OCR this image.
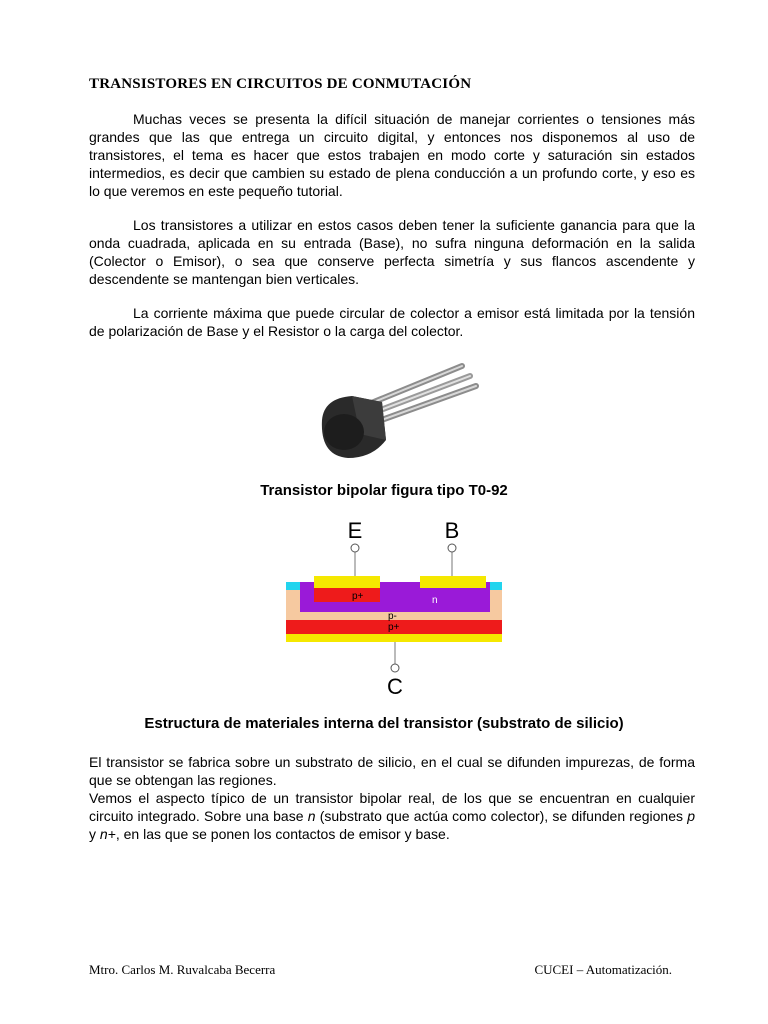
TRANSISTORES EN CIRCUITOS DE CONMUTACIÓN
Muchas veces se presenta la difícil situación de manejar corrientes o tensiones más grandes que las que entrega un circuito digital, y entonces nos disponemos al uso de transistores, el tema es hacer que estos trabajen en modo corte y saturación sin estados intermedios, es decir que cambien su estado de plena conducción a un profundo corte, y eso es lo que veremos en este pequeño tutorial.
Los transistores a utilizar en estos casos deben tener la suficiente ganancia para que la onda cuadrada, aplicada en su entrada (Base), no sufra ninguna deformación en la salida (Colector o Emisor), o sea que conserve perfecta simetría y sus flancos ascendente y descendente se mantengan bien verticales.
La corriente máxima que puede circular de colector a emisor está limitada por la tensión de polarización de Base y el Resistor o la carga del colector.
Transistor bipolar figura tipo T0-92
E	B
p+	n
p-
p+
C
Estructura de materiales interna del transistor (substrato de silicio)
El transistor se fabrica sobre un substrato de silicio, en el cual se difunden impurezas, de forma que se obtengan las regiones.
Vemos el aspecto típico de un transistor bipolar real, de los que se encuentran en cualquier circuito integrado. Sobre una base n (substrato que actúa como colector), se difunden regiones p y n+, en las que se ponen los contactos de emisor y base.
Mtro. Carlos M. Ruvalcaba Becerra	CUCEI – Automatización.
